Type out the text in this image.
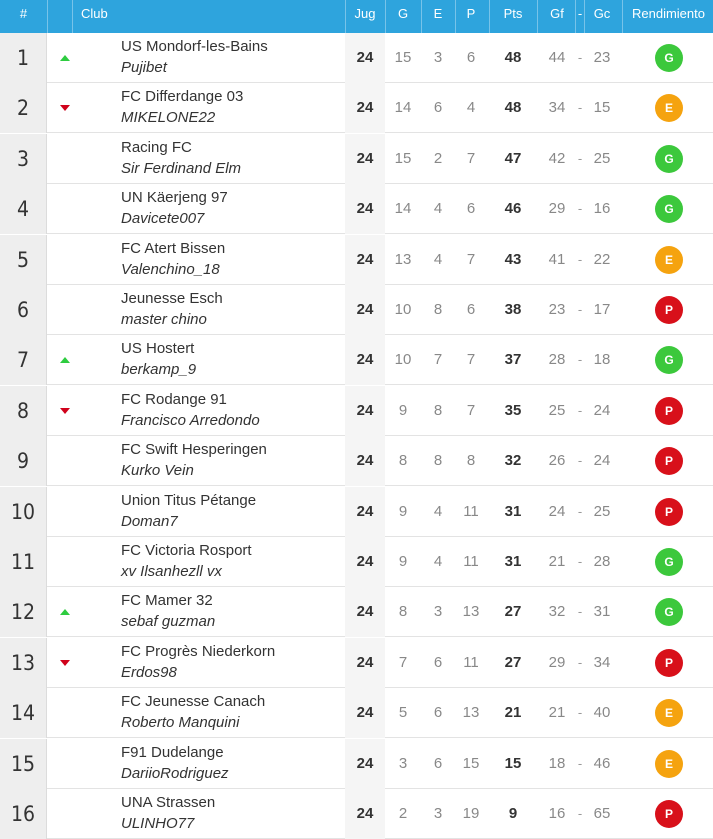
#	Club	Jug	G	E	P	Pts	Gf	- Gc	Rendimiento
1	US Mondorf-les-Bains
Pujibet
24	15	3	6	48	44 - 23	G
2	FC Differdange 03
MIKELONE22
24	14	6	4	48	34 - 15	E
3	Racing FC
Sir Ferdinand Elm
24	15	2	7	47	42 - 25	G
4	UN Käerjeng 97
Davicete007
24	14	4	6	46	29 - 16	G
5	FC Atert Bissen
Valenchino_18
24	13	4	7	43	41 - 22	E
6	Jeunesse Esch
master chino
24	10	8	6	38	23 - 17	P
7	US Hostert
berkamp_9
24	10	7	7	37	28 - 18	G
8	FC Rodange 91
Francisco Arredondo
24	9	8	7	35	25 - 24	P
9	FC Swift Hesperingen
Kurko Vein
24	8	8	8	32	26 - 24	P
10	Union Titus Pétange
Doman7
24	9	4	11	31	24 - 25	P
11	FC Victoria Rosport
xv Ilsanhezll vx
24	9	4	11	31	21 - 28	G
12	FC Mamer 32
sebaf guzman
24	8	3	13	27	32 - 31	G
13	FC Progrès Niederkorn
Erdos98
24	7	6	11	27	29 - 34	P
14	FC Jeunesse Canach
Roberto Manquini
24	5	6	13	21	21 - 40	E
15	F91 Dudelange
DariioRodriguez
24	3	6	15	15	18 - 46	E
16	UNA Strassen
ULINHO77
24	2	3	19	9	16 - 65	P
